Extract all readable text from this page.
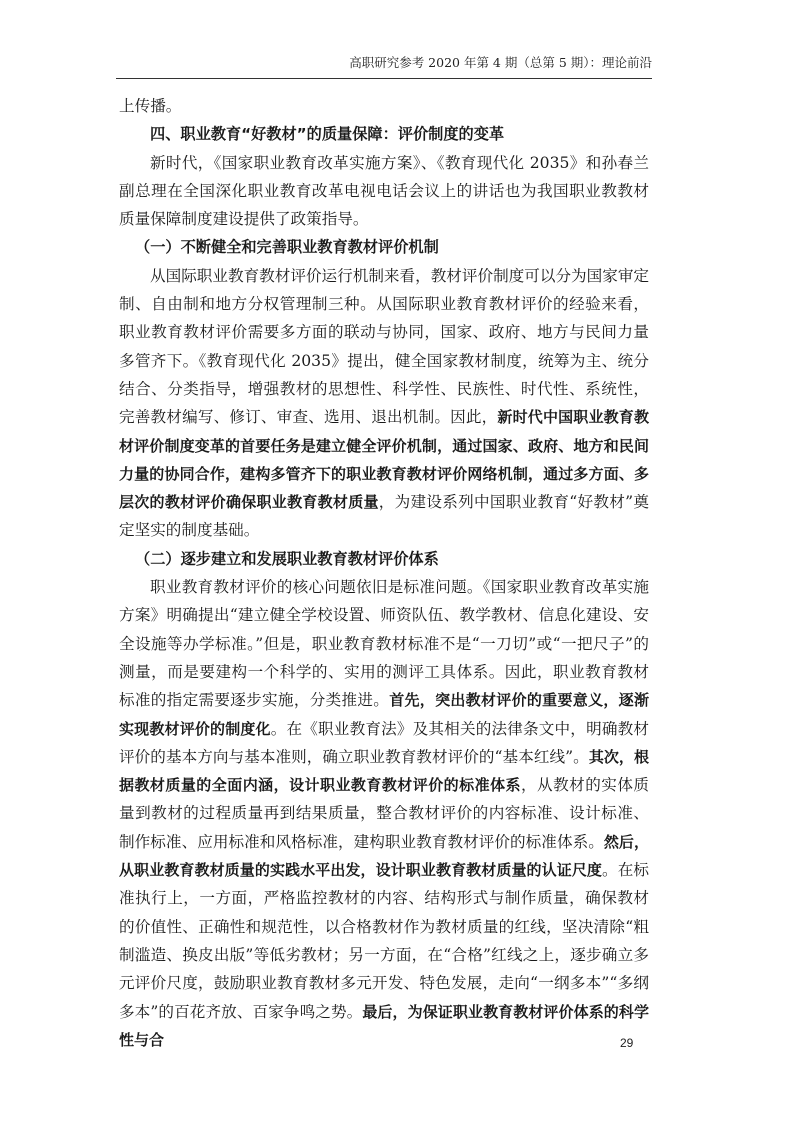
高职研究参考 2020 年第 4 期（总第 5 期）：理论前沿

上传播。

四、职业教育“好教材”的质量保障：评价制度的变革

新时代，《国家职业教育改革实施方案》、《教育现代化 2035》和孙春兰副总理在全国深化职业教育改革电视电话会议上的讲话也为我国职业教教材质量保障制度建设提供了政策指导。

（一）不断健全和完善职业教育教材评价机制

从国际职业教育教材评价运行机制来看，教材评价制度可以分为国家审定制、自由制和地方分权管理制三种。从国际职业教育教材评价的经验来看，职业教育教材评价需要多方面的联动与协同，国家、政府、地方与民间力量多管齐下。《教育现代化 2035》提出，健全国家教材制度，统筹为主、统分结合、分类指导，增强教材的思想性、科学性、民族性、时代性、系统性，完善教材编写、修订、审查、选用、退出机制。因此，新时代中国职业教育教材评价制度变革的首要任务是建立健全评价机制，通过国家、政府、地方和民间力量的协同合作，建构多管齐下的职业教育教材评价网络机制，通过多方面、多层次的教材评价确保职业教育教材质量，为建设系列中国职业教育“好教材”奠定坚实的制度基础。

（二）逐步建立和发展职业教育教材评价体系

职业教育教材评价的核心问题依旧是标准问题。《国家职业教育改革实施方案》明确提出“建立健全学校设置、师资队伍、教学教材、信息化建设、安全设施等办学标准。”但是，职业教育教材标准不是“一刀切”或“一把尺子”的测量，而是要建构一个科学的、实用的测评工具体系。因此，职业教育教材标准的指定需要逐步实施，分类推进。首先，突出教材评价的重要意义，逐渐实现教材评价的制度化。在《职业教育法》及其相关的法律条文中，明确教材评价的基本方向与基本准则，确立职业教育教材评价的“基本红线”。其次，根据教材质量的全面内涵，设计职业教育教材评价的标准体系，从教材的实体质量到教材的过程质量再到结果质量，整合教材评价的内容标准、设计标准、制作标准、应用标准和风格标准，建构职业教育教材评价的标准体系。然后，从职业教育教材质量的实践水平出发，设计职业教育教材质量的认证尺度。在标准执行上，一方面，严格监控教材的内容、结构形式与制作质量，确保教材的价值性、正确性和规范性，以合格教材作为教材质量的红线，坚决清除“粗制滥造、换皮出版”等低劣教材；另一方面，在“合格”红线之上，逐步确立多元评价尺度，鼓励职业教育教材多元开发、特色发展，走向“一纲多本”“多纲多本”的百花齐放、百家争鸣之势。最后，为保证职业教育教材评价体系的科学性与合	29
